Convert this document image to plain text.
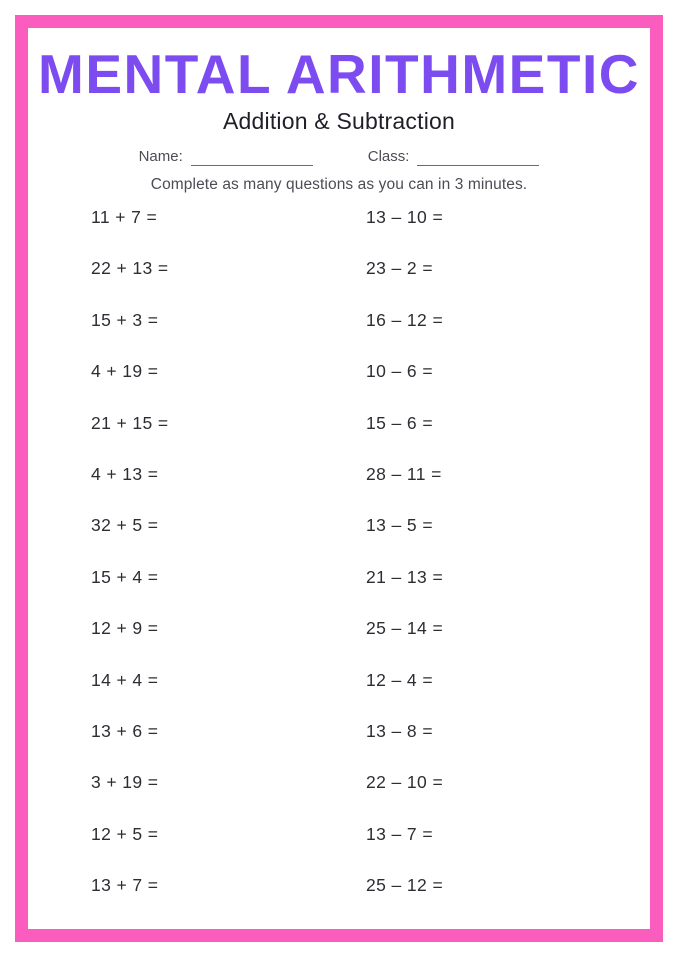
MENTAL ARITHMETIC
Addition & Subtraction
Name:	Class:
Complete as many questions as you can in 3 minutes.
11 + 7 =	13 – 10 =
22 + 13 =	23 – 2 =
15 + 3 =	16 – 12 =
4 + 19 =	10 – 6 =
21 + 15 =	15 – 6 =
4 + 13 =	28 – 11 =
32 + 5 =	13 – 5 =
15 + 4 =	21 – 13 =
12 + 9 =	25 – 14 =
14 + 4 =	12 – 4 =
13 + 6 =	13 – 8 =
3 + 19 =	22 – 10 =
12 + 5 =	13 – 7 =
13 + 7 =	25 – 12 =
